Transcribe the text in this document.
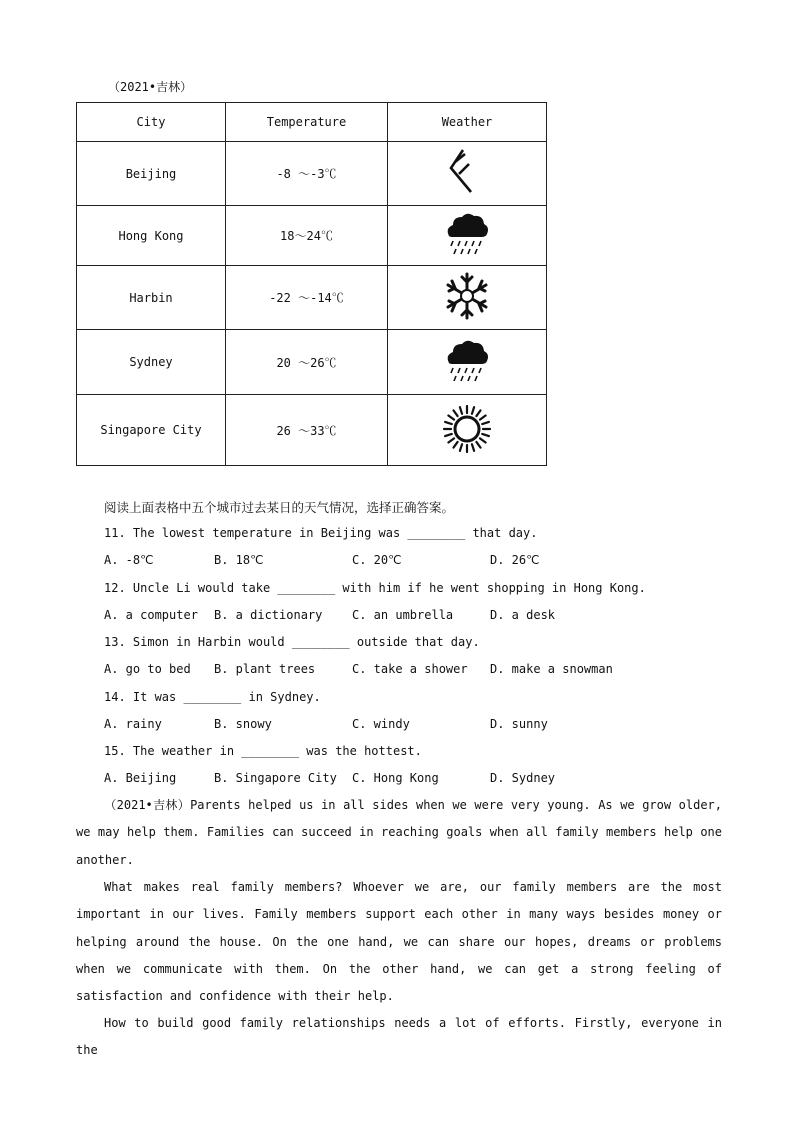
（2021•吉林）
City	Temperature	Weather
Beijing	-8 ～-3℃	
Hong Kong	18～24℃	
Harbin	-22 ～-14℃	
Sydney	20 ～26℃	
Singapore City	26 ～33℃	
阅读上面表格中五个城市过去某日的天气情况，选择正确答案。
11. The lowest temperature in Beijing was ________ that day.
A. -8℃	B. 18℃	C. 20℃	D. 26℃
12. Uncle Li would take ________ with him if he went shopping in Hong Kong.
A. a computer B. a dictionary C. an umbrella	D. a desk
13. Simon in Harbin would ________ outside that day.
A. go to bed B. plant trees	C. take a shower D. make a snowman
14. It was ________ in Sydney.
A. rainy	B. snowy	C. windy	D. sunny
15. The weather in ________ was the hottest.
A. Beijing	B. Singapore City C. Hong Kong	D. Sydney
（2021•吉林）Parents helped us in all sides when we were very young. As we grow older, we may help them. Families can succeed in reaching goals when all family members help one another.
What makes real family members? Whoever we are, our family members are the most important in our lives. Family members support each other in many ways besides money or helping around the house. On the one hand, we can share our hopes, dreams or problems when we communicate with them. On the other hand, we can get a strong feeling of satisfaction and confidence with their help.
How to build good family relationships needs a lot of efforts. Firstly, everyone in the
